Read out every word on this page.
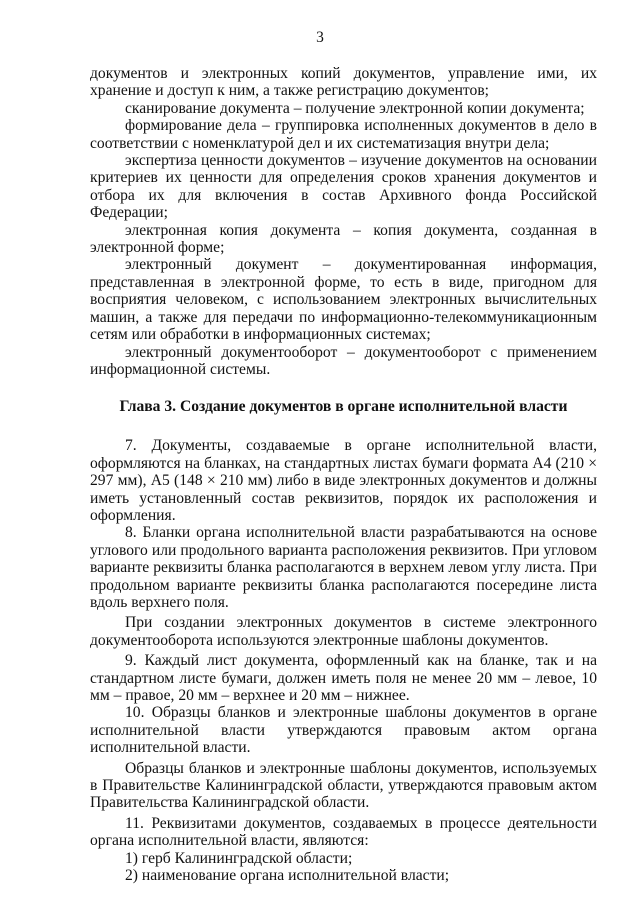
3

документов и электронных копий документов, управление ими, их хранение и доступ к ним, а также регистрацию документов;

сканирование документа – получение электронной копии документа;

формирование дела – группировка исполненных документов в дело в соответствии с номенклатурой дел и их систематизация внутри дела;

экспертиза ценности документов – изучение документов на основании критериев их ценности для определения сроков хранения документов и отбора их для включения в состав Архивного фонда Российской Федерации;

электронная копия документа – копия документа, созданная в электронной форме;

электронный документ – документированная информация, представленная в электронной форме, то есть в виде, пригодном для восприятия человеком, с использованием электронных вычислительных машин, а также для передачи по информационно-телекоммуникационным сетям или обработки в информационных системах;

электронный документооборот – документооборот с применением информационной системы.

Глава 3. Создание документов в органе исполнительной власти

7. Документы, создаваемые в органе исполнительной власти, оформляются на бланках, на стандартных листах бумаги формата А4 (210 × 297 мм), А5 (148 × 210 мм) либо в виде электронных документов и должны иметь установленный состав реквизитов, порядок их расположения и оформления.

8. Бланки органа исполнительной власти разрабатываются на основе углового или продольного варианта расположения реквизитов. При угловом варианте реквизиты бланка располагаются в верхнем левом углу листа. При продольном варианте реквизиты бланка располагаются посередине листа вдоль верхнего поля.

При создании электронных документов в системе электронного документооборота используются электронные шаблоны документов.

9. Каждый лист документа, оформленный как на бланке, так и на стандартном листе бумаги, должен иметь поля не менее 20 мм – левое, 10 мм – правое, 20 мм – верхнее и 20 мм – нижнее.

10. Образцы бланков и электронные шаблоны документов в органе исполнительной власти утверждаются правовым актом органа исполнительной власти.

Образцы бланков и электронные шаблоны документов, используемых в Правительстве Калининградской области, утверждаются правовым актом Правительства Калининградской области.

11. Реквизитами документов, создаваемых в процессе деятельности органа исполнительной власти, являются:

1) герб Калининградской области;

2) наименование органа исполнительной власти;
